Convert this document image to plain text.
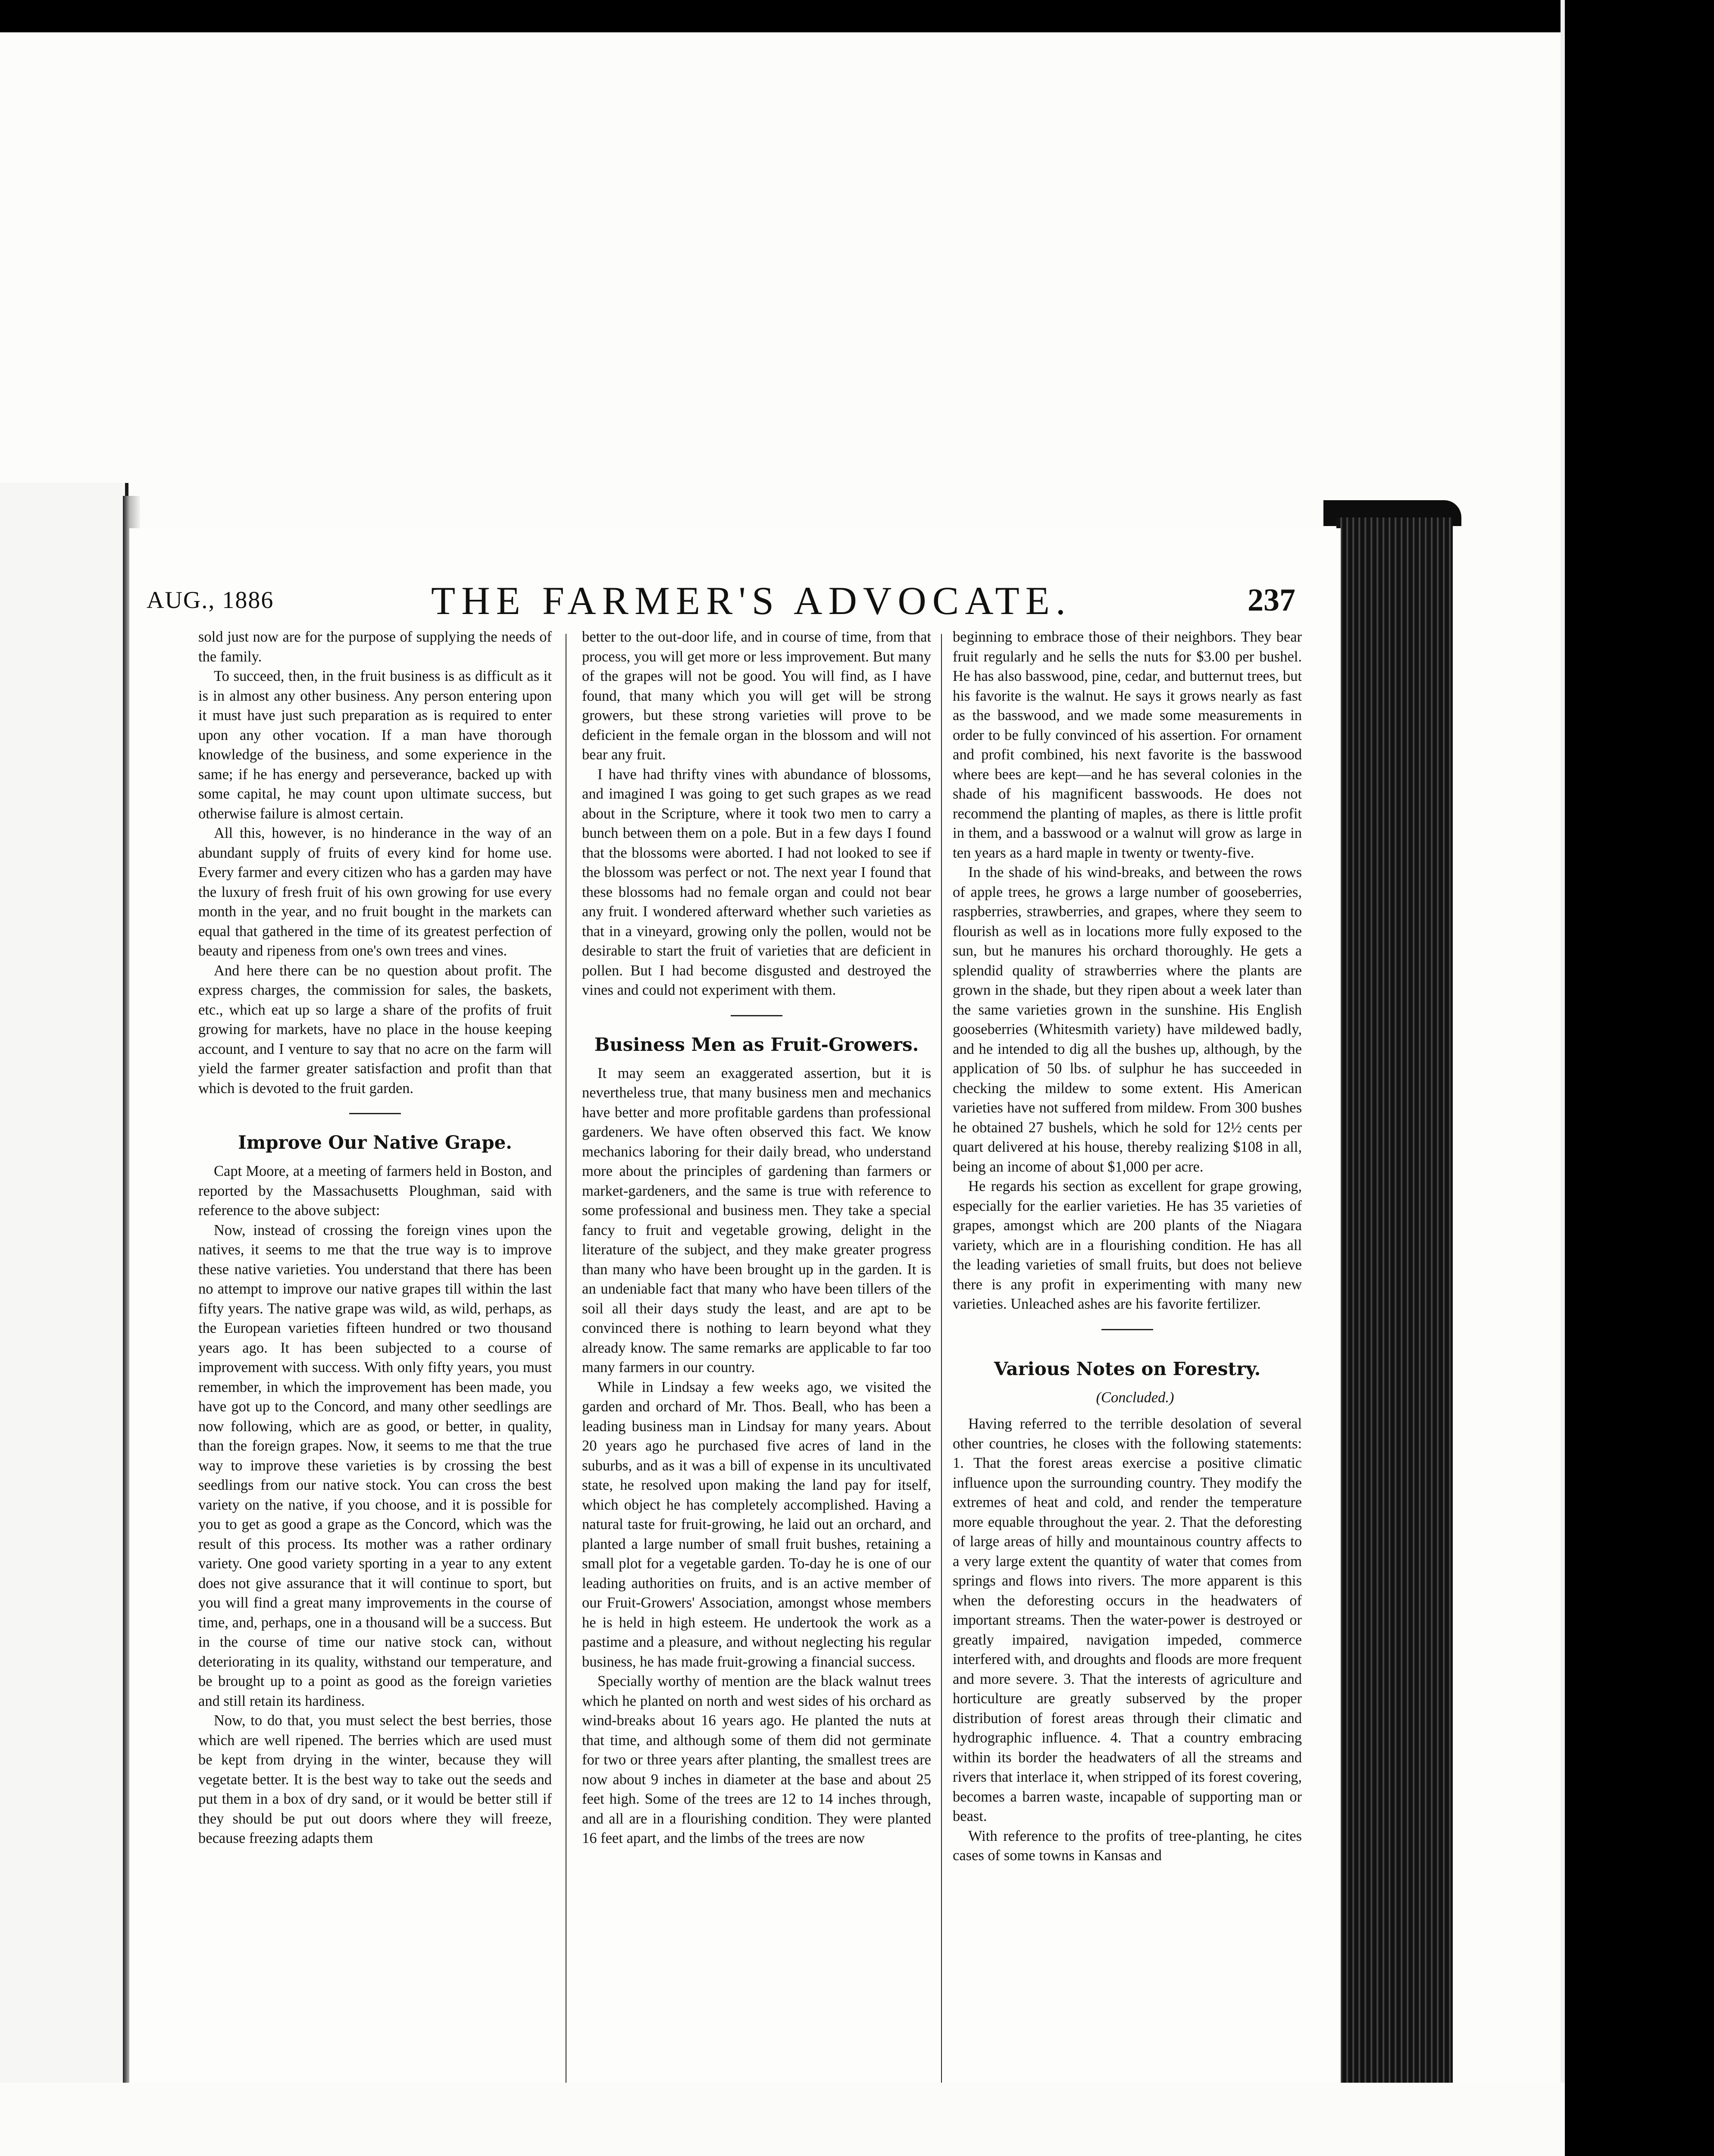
AUG., 1886	THE FARMER'S ADVOCATE.	237

sold just now are for the purpose of supplying the needs of the family.

To succeed, then, in the fruit business is as difficult as it is in almost any other business. Any person entering upon it must have just such preparation as is required to enter upon any other vocation. If a man have thorough knowledge of the business, and some experience in the same; if he has energy and perseverance, backed up with some capital, he may count upon ultimate success, but otherwise failure is almost certain.

All this, however, is no hinderance in the way of an abundant supply of fruits of every kind for home use. Every farmer and every citizen who has a garden may have the luxury of fresh fruit of his own growing for use every month in the year, and no fruit bought in the markets can equal that gathered in the time of its greatest perfection of beauty and ripeness from one's own trees and vines.

And here there can be no question about profit. The express charges, the commission for sales, the baskets, etc., which eat up so large a share of the profits of fruit growing for markets, have no place in the house keeping account, and I venture to say that no acre on the farm will yield the farmer greater satisfaction and profit than that which is devoted to the fruit garden.

Improve Our Native Grape.

Capt Moore, at a meeting of farmers held in Boston, and reported by the Massachusetts Ploughman, said with reference to the above subject:

Now, instead of crossing the foreign vines upon the natives, it seems to me that the true way is to improve these native varieties. You understand that there has been no attempt to improve our native grapes till within the last fifty years. The native grape was wild, as wild, perhaps, as the European varieties fifteen hundred or two thousand years ago. It has been subjected to a course of improvement with success. With only fifty years, you must remember, in which the improvement has been made, you have got up to the Concord, and many other seedlings are now following, which are as good, or better, in quality, than the foreign grapes. Now, it seems to me that the true way to improve these varieties is by crossing the best seedlings from our native stock. You can cross the best variety on the native, if you choose, and it is possible for you to get as good a grape as the Concord, which was the result of this process. Its mother was a rather ordinary variety. One good variety sporting in a year to any extent does not give assurance that it will continue to sport, but you will find a great many improvements in the course of time, and, perhaps, one in a thousand will be a success. But in the course of time our native stock can, without deteriorating in its quality, withstand our temperature, and be brought up to a point as good as the foreign varieties and still retain its hardiness.

Now, to do that, you must select the best berries, those which are well ripened. The berries which are used must be kept from drying in the winter, because they will vegetate better. It is the best way to take out the seeds and put them in a box of dry sand, or it would be better still if they should be put out doors where they will freeze, because freezing adapts them

better to the out-door life, and in course of time, from that process, you will get more or less improvement. But many of the grapes will not be good. You will find, as I have found, that many which you will get will be strong growers, but these strong varieties will prove to be deficient in the female organ in the blossom and will not bear any fruit.

I have had thrifty vines with abundance of blossoms, and imagined I was going to get such grapes as we read about in the Scripture, where it took two men to carry a bunch between them on a pole. But in a few days I found that the blossoms were aborted. I had not looked to see if the blossom was perfect or not. The next year I found that these blossoms had no female organ and could not bear any fruit. I wondered afterward whether such varieties as that in a vineyard, growing only the pollen, would not be desirable to start the fruit of varieties that are deficient in pollen. But I had become disgusted and destroyed the vines and could not experiment with them.

Business Men as Fruit-Growers.

It may seem an exaggerated assertion, but it is nevertheless true, that many business men and mechanics have better and more profitable gardens than professional gardeners. We have often observed this fact. We know mechanics laboring for their daily bread, who understand more about the principles of gardening than farmers or market-gardeners, and the same is true with reference to some professional and business men. They take a special fancy to fruit and vegetable growing, delight in the literature of the subject, and they make greater progress than many who have been brought up in the garden. It is an undeniable fact that many who have been tillers of the soil all their days study the least, and are apt to be convinced there is nothing to learn beyond what they already know. The same remarks are applicable to far too many farmers in our country.

While in Lindsay a few weeks ago, we visited the garden and orchard of Mr. Thos. Beall, who has been a leading business man in Lindsay for many years. About 20 years ago he purchased five acres of land in the suburbs, and as it was a bill of expense in its uncultivated state, he resolved upon making the land pay for itself, which object he has completely accomplished. Having a natural taste for fruit-growing, he laid out an orchard, and planted a large number of small fruit bushes, retaining a small plot for a vegetable garden. To-day he is one of our leading authorities on fruits, and is an active member of our Fruit-Growers' Association, amongst whose members he is held in high esteem. He undertook the work as a pastime and a pleasure, and without neglecting his regular business, he has made fruit-growing a financial success.

Specially worthy of mention are the black walnut trees which he planted on north and west sides of his orchard as wind-breaks about 16 years ago. He planted the nuts at that time, and although some of them did not germinate for two or three years after planting, the smallest trees are now about 9 inches in diameter at the base and about 25 feet high. Some of the trees are 12 to 14 inches through, and all are in a flourishing condition. They were planted 16 feet apart, and the limbs of the trees are now

beginning to embrace those of their neighbors. They bear fruit regularly and he sells the nuts for $3.00 per bushel. He has also basswood, pine, cedar, and butternut trees, but his favorite is the walnut. He says it grows nearly as fast as the basswood, and we made some measurements in order to be fully convinced of his assertion. For ornament and profit combined, his next favorite is the basswood where bees are kept—and he has several colonies in the shade of his magnificent basswoods. He does not recommend the planting of maples, as there is little profit in them, and a basswood or a walnut will grow as large in ten years as a hard maple in twenty or twenty-five.

In the shade of his wind-breaks, and between the rows of apple trees, he grows a large number of gooseberries, raspberries, strawberries, and grapes, where they seem to flourish as well as in locations more fully exposed to the sun, but he manures his orchard thoroughly. He gets a splendid quality of strawberries where the plants are grown in the shade, but they ripen about a week later than the same varieties grown in the sunshine. His English gooseberries (Whitesmith variety) have mildewed badly, and he intended to dig all the bushes up, although, by the application of 50 lbs. of sulphur he has succeeded in checking the mildew to some extent. His American varieties have not suffered from mildew. From 300 bushes he obtained 27 bushels, which he sold for 12½ cents per quart delivered at his house, thereby realizing $108 in all, being an income of about $1,000 per acre.

He regards his section as excellent for grape growing, especially for the earlier varieties. He has 35 varieties of grapes, amongst which are 200 plants of the Niagara variety, which are in a flourishing condition. He has all the leading varieties of small fruits, but does not believe there is any profit in experimenting with many new varieties. Unleached ashes are his favorite fertilizer.

Various Notes on Forestry.

(Concluded.)

Having referred to the terrible desolation of several other countries, he closes with the following statements: 1. That the forest areas exercise a positive climatic influence upon the surrounding country. They modify the extremes of heat and cold, and render the temperature more equable throughout the year. 2. That the deforesting of large areas of hilly and mountainous country affects to a very large extent the quantity of water that comes from springs and flows into rivers. The more apparent is this when the deforesting occurs in the headwaters of important streams. Then the water-power is destroyed or greatly impaired, navigation impeded, commerce interfered with, and droughts and floods are more frequent and more severe. 3. That the interests of agriculture and horticulture are greatly subserved by the proper distribution of forest areas through their climatic and hydrographic influence. 4. That a country embracing within its border the headwaters of all the streams and rivers that interlace it, when stripped of its forest covering, becomes a barren waste, incapable of supporting man or beast.

With reference to the profits of tree-planting, he cites cases of some towns in Kansas and
